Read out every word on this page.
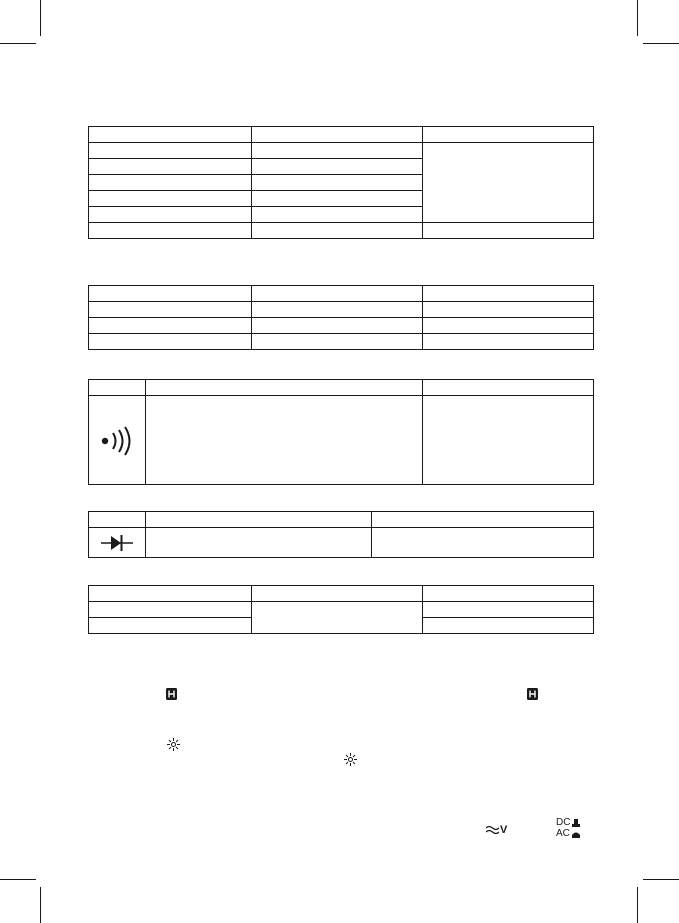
V
DC
AC
